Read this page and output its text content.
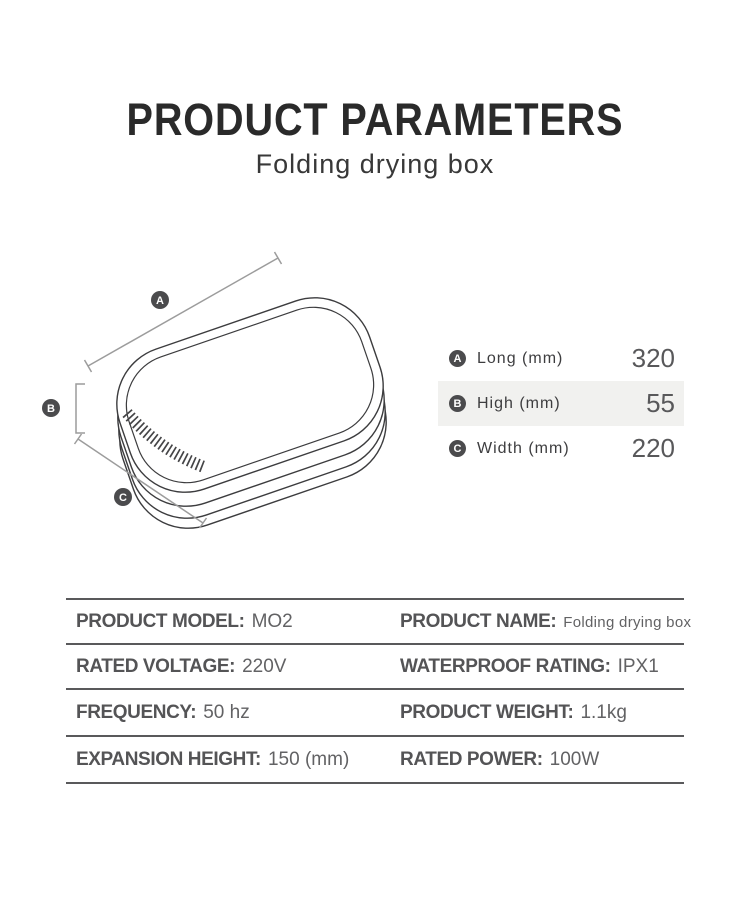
PRODUCT PARAMETERS
Folding drying box
A
B
C
A Long (mm)	320
B High (mm)	55
C Width (mm) 220
PRODUCT MODEL: MO2	PRODUCT NAME: Folding drying box
RATED VOLTAGE: 220V	WATERPROOF RATING: IPX1
FREQUENCY: 50 hz	PRODUCT WEIGHT: 1.1kg
EXPANSION HEIGHT: 150 (mm)	RATED POWER: 100W
